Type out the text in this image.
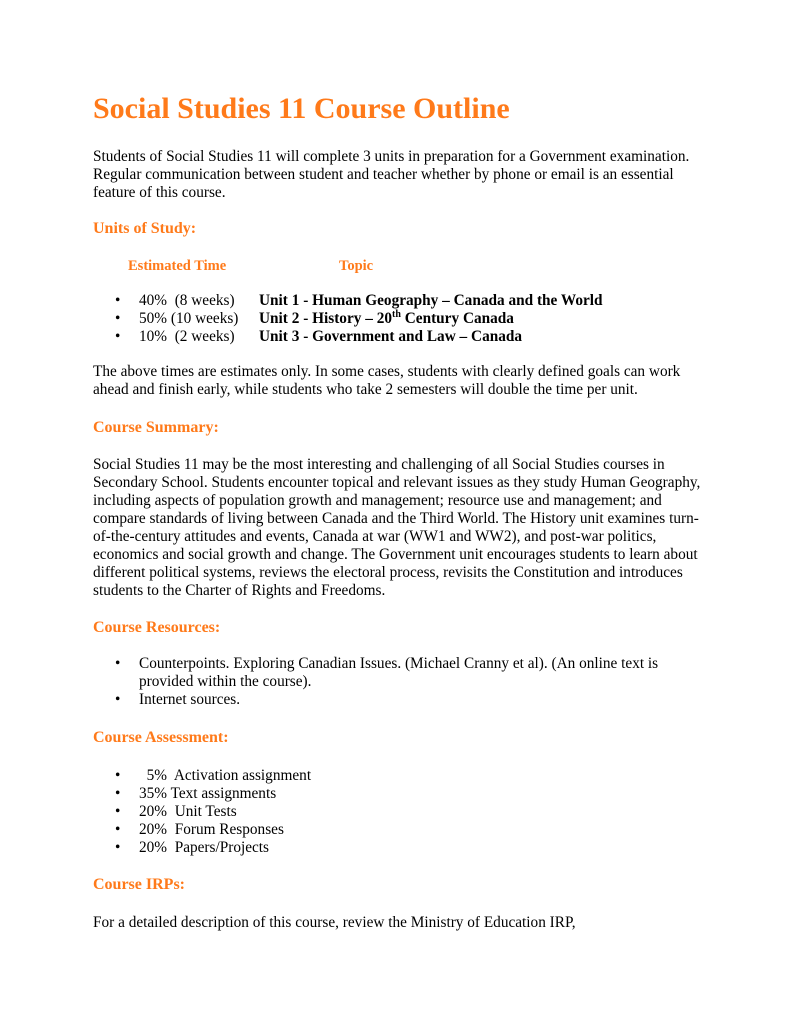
Social Studies 11 Course Outline

Students of Social Studies 11 will complete 3 units in preparation for a Government examination. Regular communication between student and teacher whether by phone or email is an essential feature of this course.

Units of Study:
Estimated Time	Topic
• 40%  (8 weeks) Unit 1 - Human Geography – Canada and the World
• 50% (10 weeks) Unit 2 - History – 20th Century Canada
• 10%  (2 weeks) Unit 3 - Government and Law – Canada

The above times are estimates only. In some cases, students with clearly defined goals can work ahead and finish early, while students who take 2 semesters will double the time per unit.

Course Summary:

Social Studies 11 may be the most interesting and challenging of all Social Studies courses in Secondary School. Students encounter topical and relevant issues as they study Human Geography, including aspects of population growth and management; resource use and management; and compare standards of living between Canada and the Third World. The History unit examines turn-of-the-century attitudes and events, Canada at war (WW1 and WW2), and post-war politics, economics and social growth and change. The Government unit encourages students to learn about different political systems, reviews the electoral process, revisits the Constitution and introduces students to the Charter of Rights and Freedoms.

Course Resources:
• Counterpoints. Exploring Canadian Issues. (Michael Cranny et al). (An online text is provided within the course).
• Internet sources.
Course Assessment:
• 5%  Activation assignment
• 35% Text assignments
• 20%  Unit Tests
• 20%  Forum Responses
• 20%  Papers/Projects
Course IRPs:

For a detailed description of this course, review the Ministry of Education IRP,
